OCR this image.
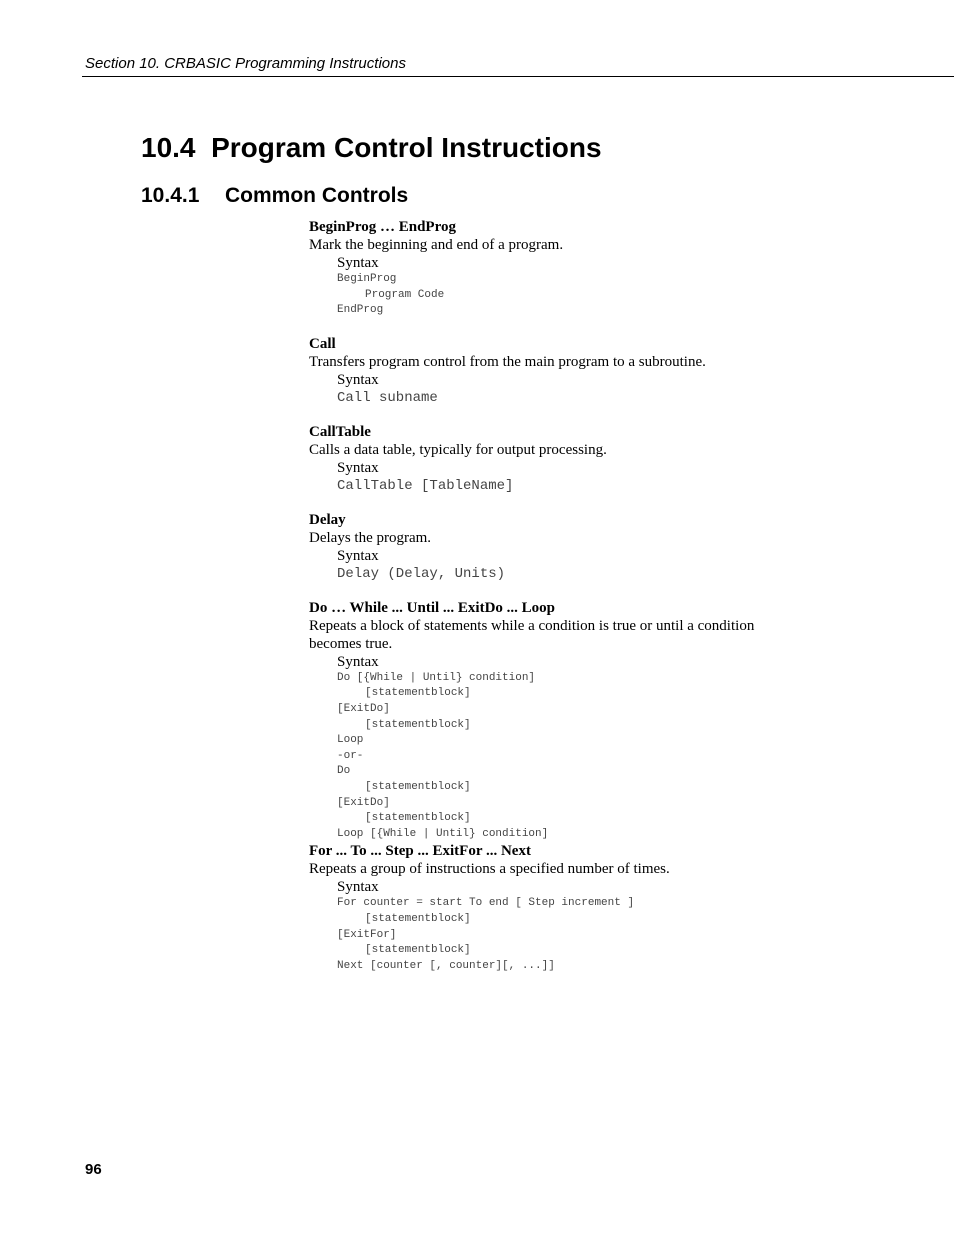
Section 10. CRBASIC Programming Instructions
10.4 Program Control Instructions
10.4.1 Common Controls
BeginProg … EndProg
Mark the beginning and end of a program.
Syntax
BeginProg
Program Code
EndProg
Call
Transfers program control from the main program to a subroutine.
Syntax
Call subname
CallTable
Calls a data table, typically for output processing.
Syntax
CallTable [TableName]
Delay
Delays the program.
Syntax
Delay (Delay, Units)
Do … While ... Until ... ExitDo ... Loop
Repeats a block of statements while a condition is true or until a condition becomes true.
Syntax
Do [{While | Until} condition]
[statementblock]
[ExitDo]
[statementblock]
Loop
-or-
Do
[statementblock]
[ExitDo]
[statementblock]
Loop [{While | Until} condition]
For ... To ... Step ... ExitFor ... Next
Repeats a group of instructions a specified number of times.
Syntax
For counter = start To end [ Step increment ]
[statementblock]
[ExitFor]
[statementblock]
Next [counter [, counter][, ...]]
96
